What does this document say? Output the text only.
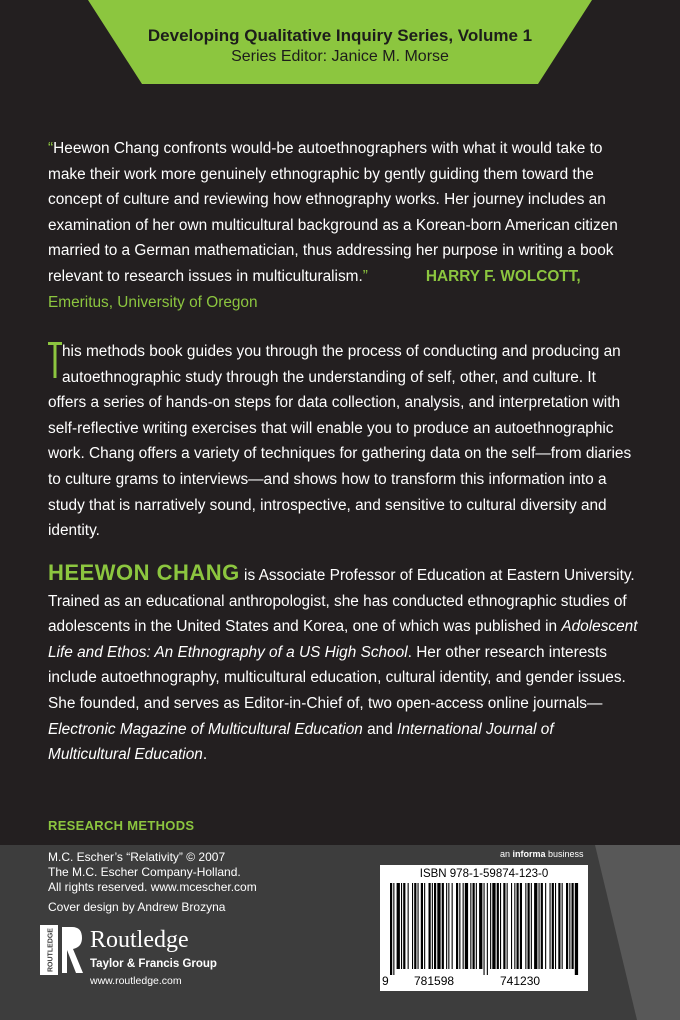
Developing Qualitative Inquiry Series, Volume 1
Series Editor: Janice M. Morse
“Heewon Chang confronts would-be autoethnographers with what it would take to make their work more genuinely ethnographic by gently guiding them toward the concept of culture and reviewing how ethnography works. Her journey includes an examination of her own multicultural background as a Korean-born American citizen married to a German mathematician, thus addressing her purpose in writing a book relevant to research issues in multiculturalism.”	HARRY F. WOLCOTT, Emeritus, University of Oregon
his methods book guides you through the process of conducting and producing an autoethnographic study through the understanding of self, other, and culture. It offers a series of hands-on steps for data collection, analysis, and interpretation with self-reflective writing exercises that will enable you to produce an autoethnographic work. Chang offers a variety of techniques for gathering data on the self—from diaries to culture grams to interviews—and shows how to transform this information into a study that is narratively sound, introspective, and sensitive to cultural diversity and identity.
HEEWON CHANG is Associate Professor of Education at Eastern University. Trained as an educational anthropologist, she has conducted ethnographic studies of adolescents in the United States and Korea, one of which was published in Adolescent Life and Ethos: An Ethnography of a US High School. Her other research interests include autoethnography, multicultural education, cultural identity, and gender issues. She founded, and serves as Editor-in-Chief of, two open-access online journals—Electronic Magazine of Multicultural Education and International Journal of Multicultural Education.
RESEARCH METHODS
M.C. Escher’s “Relativity” © 2007
The M.C. Escher Company-Holland.
All rights reserved. www.mcescher.com
Cover design by Andrew Brozyna
an informa business
ROUTLEDGE Routledge
Taylor & Francis Group
www.routledge.com
ISBN 978-1-59874-123-0
9 781598	741230
